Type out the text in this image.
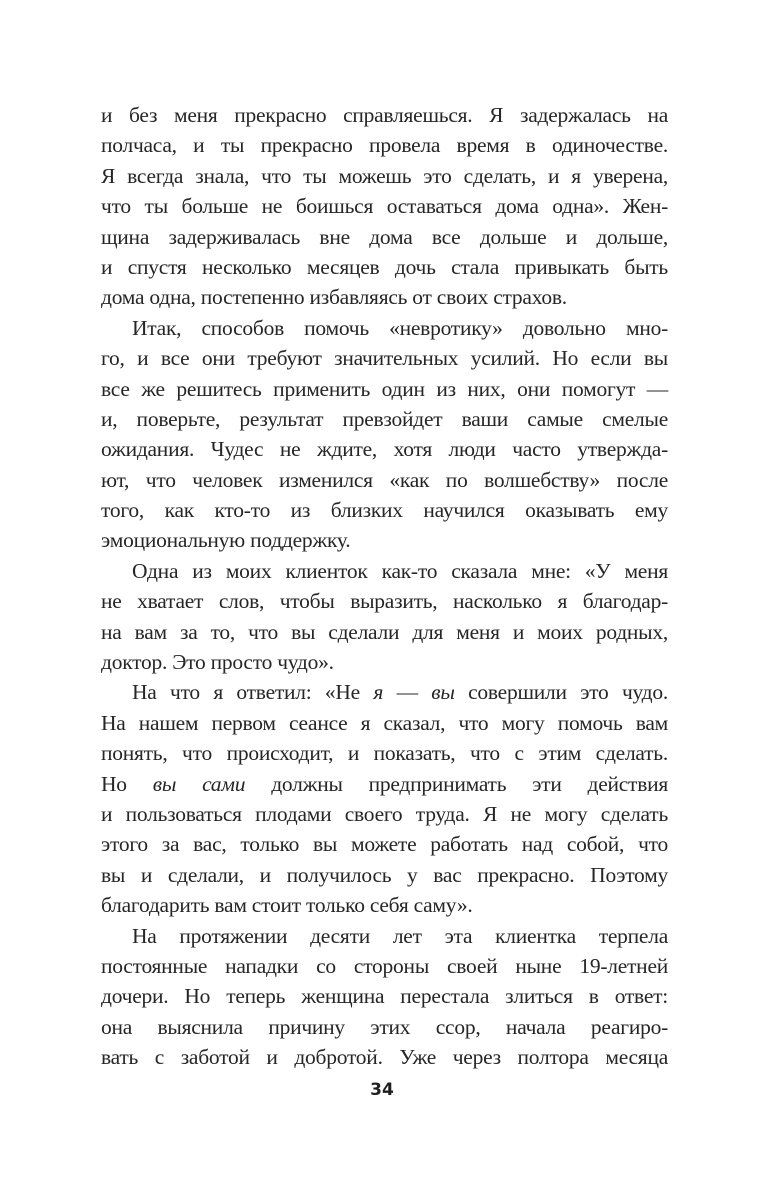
и без меня прекрасно справляешься. Я задержалась на
полчаса, и ты прекрасно провела время в одиночестве.
Я всегда знала, что ты можешь это сделать, и я уверена,
что ты больше не боишься оставаться дома одна». Жен-
щина задерживалась вне дома все дольше и дольше,
и спустя несколько месяцев дочь стала привыкать быть
дома одна, постепенно избавляясь от своих страхов.
Итак, способов помочь «невротику» довольно мно-
го, и все они требуют значительных усилий. Но если вы
все же решитесь применить один из них, они помогут —
и, поверьте, результат превзойдет ваши самые смелые
ожидания. Чудес не ждите, хотя люди часто утвержда-
ют, что человек изменился «как по волшебству» после
того, как кто-то из близких научился оказывать ему
эмоциональную поддержку.
Одна из моих клиенток как-то сказала мне: «У меня
не хватает слов, чтобы выразить, насколько я благодар-
на вам за то, что вы сделали для меня и моих родных,
доктор. Это просто чудо».
На что я ответил: «Не я — вы совершили это чудо.
На нашем первом сеансе я сказал, что могу помочь вам
понять, что происходит, и показать, что с этим сделать.
Но вы сами должны предпринимать эти действия
и пользоваться плодами своего труда. Я не могу сделать
этого за вас, только вы можете работать над собой, что
вы и сделали, и получилось у вас прекрасно. Поэтому
благодарить вам стоит только себя саму».
На протяжении десяти лет эта клиентка терпела
постоянные нападки со стороны своей ныне 19-летней
дочери. Но теперь женщина перестала злиться в ответ:
она выяснила причину этих ссор, начала реагиро-
вать с заботой и добротой. Уже через полтора месяца
34
